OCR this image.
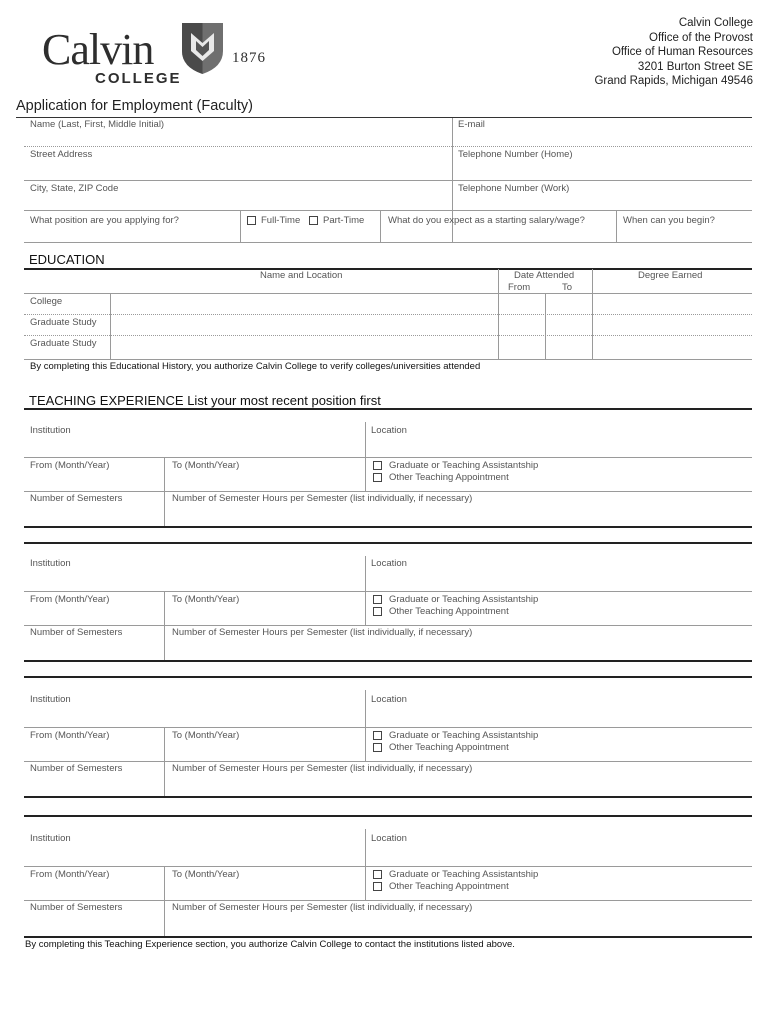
Calvin	1876
COLLEGE
Calvin College
Office of the Provost
Office of Human Resources
3201 Burton Street SE
Grand Rapids, Michigan 49546
Application for Employment (Faculty)
Name (Last, First, Middle Initial)	E-mail
Street Address	Telephone Number (Home)
City, State, ZIP Code	Telephone Number (Work)
What position are you applying for?	Full-Time Part-Time What do you expect as a starting salary/wage?	When can you begin?
EDUCATION
Name and Location	Date Attended
From	To
Degree Earned
College
Graduate Study
Graduate Study
By completing this Educational History, you authorize Calvin College to verify colleges/universities attended
TEACHING EXPERIENCE List your most recent position first
Institution	Location
From (Month/Year)	To (Month/Year)	Graduate or Teaching Assistantship
Other Teaching Appointment
Number of Semesters	Number of Semester Hours per Semester (list individually, if necessary)
Institution	Location
From (Month/Year)	To (Month/Year)	Graduate or Teaching Assistantship
Other Teaching Appointment
Number of Semesters	Number of Semester Hours per Semester (list individually, if necessary)
Institution	Location
From (Month/Year)	To (Month/Year)	Graduate or Teaching Assistantship
Other Teaching Appointment
Number of Semesters	Number of Semester Hours per Semester (list individually, if necessary)
Institution	Location
From (Month/Year)	To (Month/Year)	Graduate or Teaching Assistantship
Other Teaching Appointment
Number of Semesters	Number of Semester Hours per Semester (list individually, if necessary)
By completing this Teaching Experience section, you authorize Calvin College to contact the institutions listed above.
